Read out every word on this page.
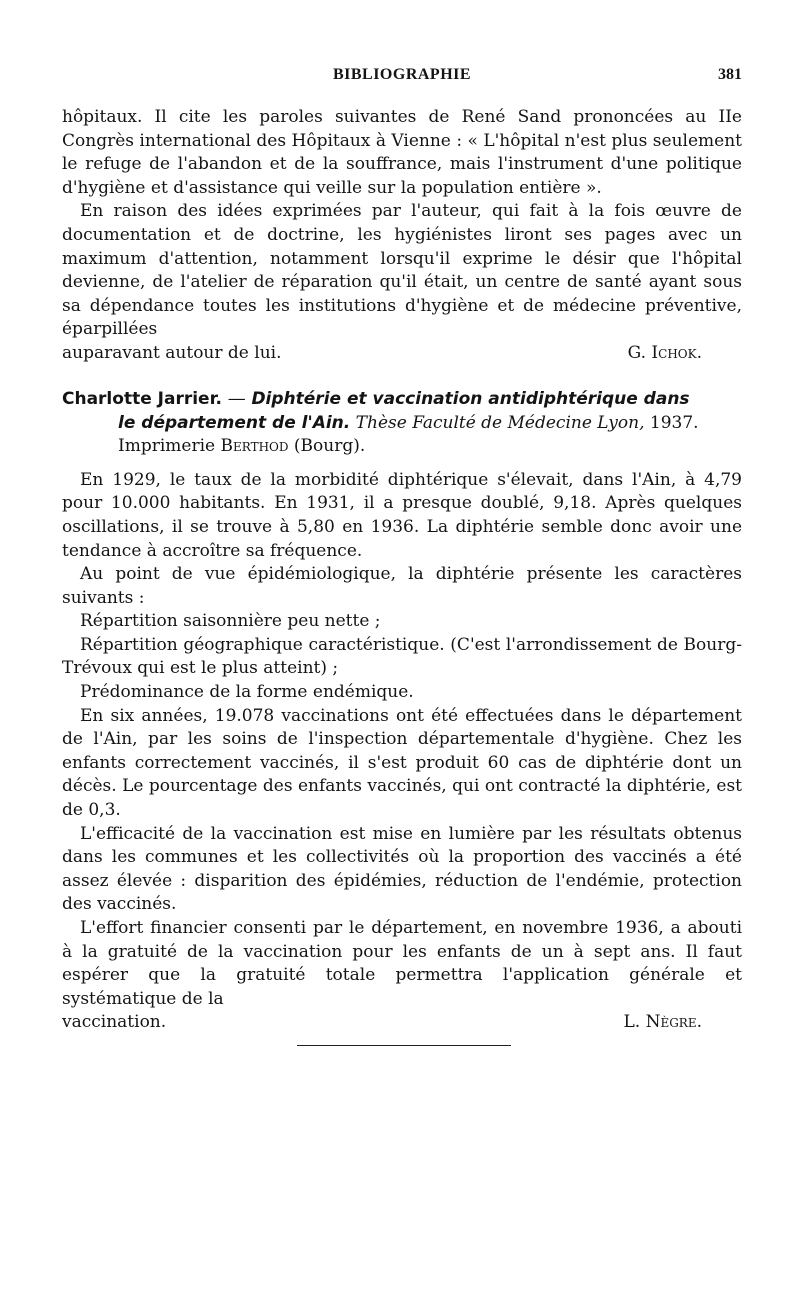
BIBLIOGRAPHIE	381

hôpitaux. Il cite les paroles suivantes de René Sand prononcées au IIe Congrès international des Hôpitaux à Vienne : « L'hôpital n'est plus seulement le refuge de l'abandon et de la souffrance, mais l'instrument d'une politique d'hygiène et d'assistance qui veille sur la population entière ».

En raison des idées exprimées par l'auteur, qui fait à la fois œuvre de documentation et de doctrine, les hygiénistes liront ses pages avec un maximum d'attention, notamment lorsqu'il exprime le désir que l'hôpital devienne, de l'atelier de réparation qu'il était, un centre de santé ayant sous sa dépendance toutes les institutions d'hygiène et de médecine préventive, éparpillées

auparavant autour de lui.	G. Ichok.

Charlotte Jarrier. — Diphtérie et vaccination antidiphtérique dans
le département de l'Ain. Thèse Faculté de Médecine Lyon, 1937.
Imprimerie Berthod (Bourg).

En 1929, le taux de la morbidité diphtérique s'élevait, dans l'Ain, à 4,79 pour 10.000 habitants. En 1931, il a presque doublé, 9,18. Après quelques oscillations, il se trouve à 5,80 en 1936. La diphtérie semble donc avoir une tendance à accroître sa fréquence.

Au point de vue épidémiologique, la diphtérie présente les caractères suivants :

Répartition saisonnière peu nette ;

Répartition géographique caractéristique. (C'est l'arrondissement de Bourg-Trévoux qui est le plus atteint) ;

Prédominance de la forme endémique.

En six années, 19.078 vaccinations ont été effectuées dans le département de l'Ain, par les soins de l'inspection départementale d'hygiène. Chez les enfants correctement vaccinés, il s'est produit 60 cas de diphtérie dont un décès. Le pourcentage des enfants vaccinés, qui ont contracté la diphtérie, est de 0,3.

L'efficacité de la vaccination est mise en lumière par les résultats obtenus dans les communes et les collectivités où la proportion des vaccinés a été assez élevée : disparition des épidémies, réduction de l'endémie, protection des vaccinés.

L'effort financier consenti par le département, en novembre 1936, a abouti à la gratuité de la vaccination pour les enfants de un à sept ans. Il faut espérer que la gratuité totale permettra l'application générale et systématique de la

vaccination.	L. Nègre.
